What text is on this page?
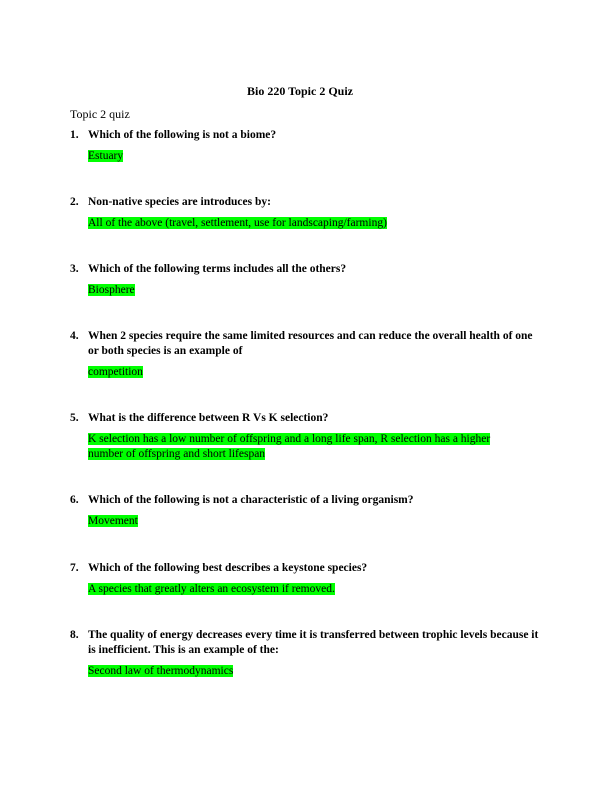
Bio 220 Topic 2 Quiz
Topic 2 quiz
1. Which of the following is not a biome?
Estuary
2. Non-native species are introduces by:
All of the above (travel, settlement, use for landscaping/farming)
3. Which of the following terms includes all the others?
Biosphere
4. When 2 species require the same limited resources and can reduce the overall health of one or both species is an example of
competition
5. What is the difference between R Vs K selection?
K selection has a low number of offspring and a long life span, R selection has a higher number of offspring and short lifespan
6. Which of the following is not a characteristic of a living organism?
Movement
7. Which of the following best describes a keystone species?
A species that greatly alters an ecosystem if removed.
8. The quality of energy decreases every time it is transferred between trophic levels because it is inefficient. This is an example of the:
Second law of thermodynamics
